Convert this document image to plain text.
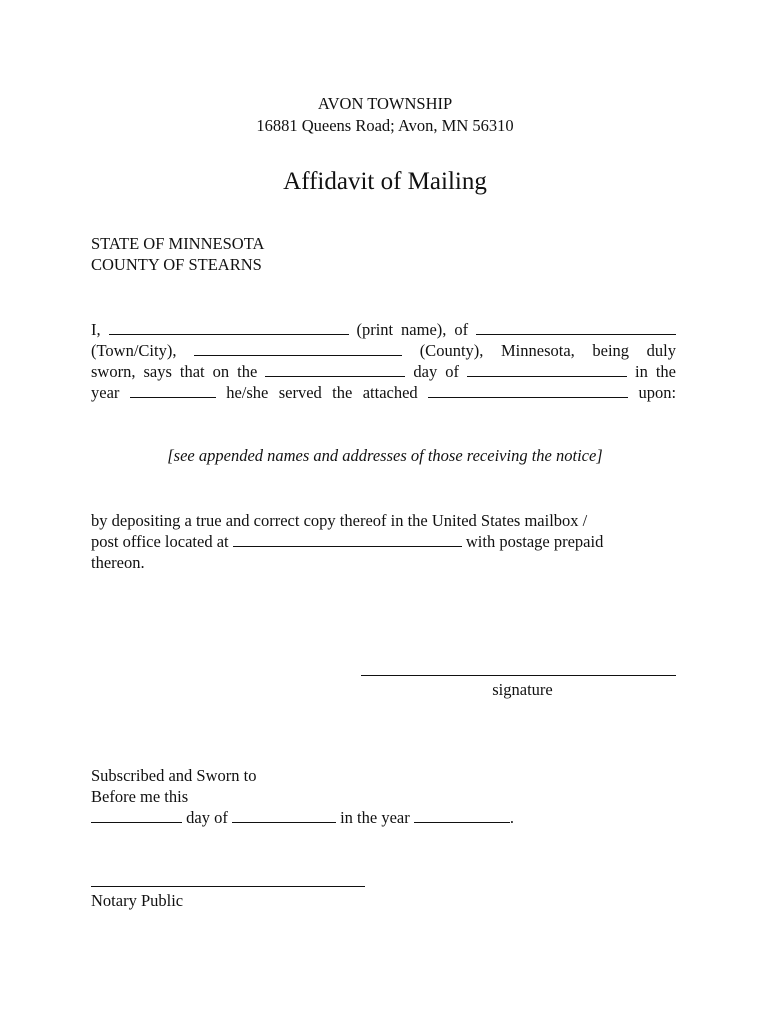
AVON TOWNSHIP
16881 Queens Road; Avon, MN 56310
Affidavit of Mailing
STATE OF MINNESOTA
COUNTY OF STEARNS
I,	(print name), of
(Town/City),	(County), Minnesota, being duly
sworn, says that on the	day of	in the
year	he/she served the attached	upon:
[see appended names and addresses of those receiving the notice]
by depositing a true and correct copy thereof in the United States mailbox /
post office located at	with postage prepaid
thereon.
signature
Subscribed and Sworn to
Before me this
day of	in the year	.
Notary Public
